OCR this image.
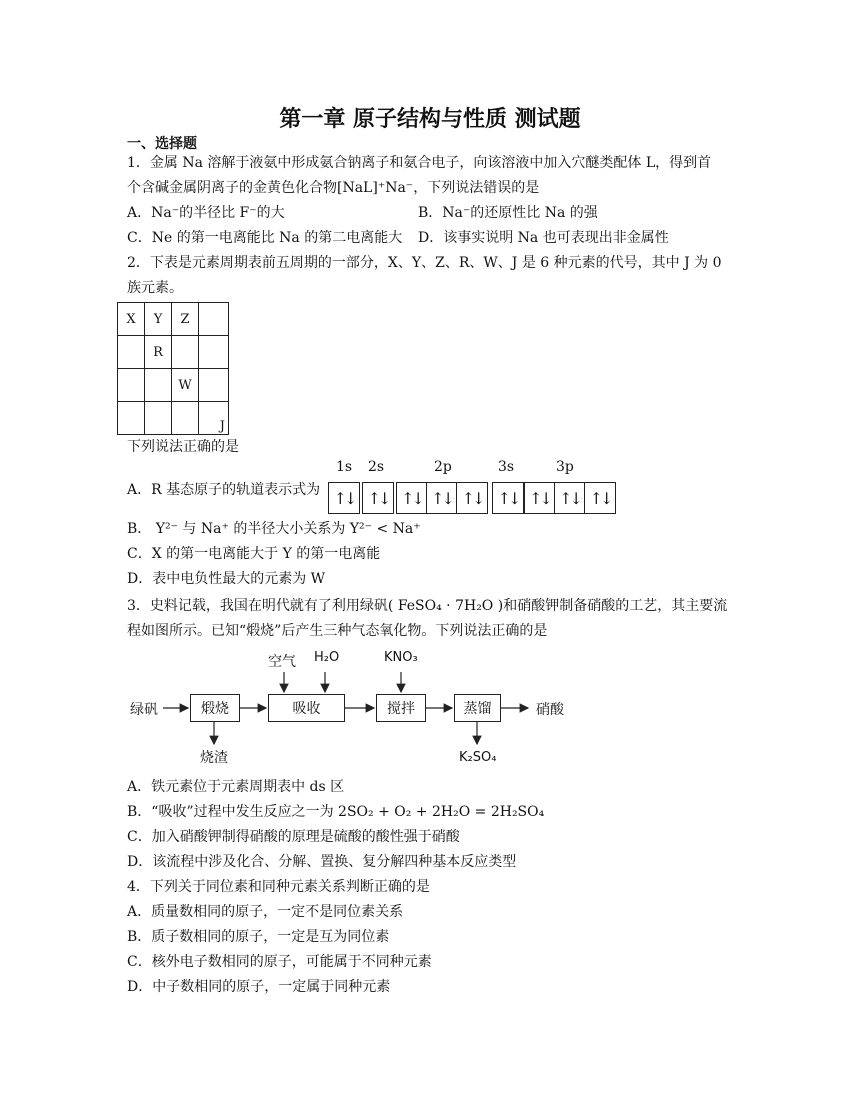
第一章 原子结构与性质 测试题
一、选择题
1．金属 Na 溶解于液氨中形成氨合钠离子和氨合电子，向该溶液中加入穴醚类配体 L，得到首
个含碱金属阴离子的金黄色化合物[NaL]⁺Na⁻，下列说法错误的是
A．Na⁻的半径比 F⁻的大	B．Na⁻的还原性比 Na 的强
C．Ne 的第一电离能比 Na 的第二电离能大 D．该事实说明 Na 也可表现出非金属性
2．下表是元素周期表前五周期的一部分，X、Y、Z、R、W、J 是 6 种元素的代号，其中 J 为 0
族元素。
X	Y	Z	
	R		
		W	
			J
下列说法正确的是
A．R 基态原子的轨道表示式为
1s 2s	2p	3s	3p
↑↓ ↑↓ ↑↓ ↑↓ ↑↓ ↑↓ ↑↓ ↑↓ ↑↓
B． Y²⁻ 与 Na⁺ 的半径大小关系为 Y²⁻ < Na⁺
C．X 的第一电离能大于 Y 的第一电离能
D．表中电负性最大的元素为 W
3．史料记载，我国在明代就有了利用绿矾( FeSO₄ · 7H₂O )和硝酸钾制备硝酸的工艺，其主要流
程如图所示。已知“煅烧”后产生三种气态氧化物。下列说法正确的是
绿矾	煅烧	吸收	搅拌	蒸馏	硝酸
空气 H₂O	KNO₃
烧渣	K₂SO₄
A．铁元素位于元素周期表中 ds 区
B．“吸收”过程中发生反应之一为 2SO₂ + O₂ + 2H₂O = 2H₂SO₄
C．加入硝酸钾制得硝酸的原理是硫酸的酸性强于硝酸
D．该流程中涉及化合、分解、置换、复分解四种基本反应类型
4．下列关于同位素和同种元素关系判断正确的是
A．质量数相同的原子，一定不是同位素关系
B．质子数相同的原子，一定是互为同位素
C．核外电子数相同的原子，可能属于不同种元素
D．中子数相同的原子，一定属于同种元素
